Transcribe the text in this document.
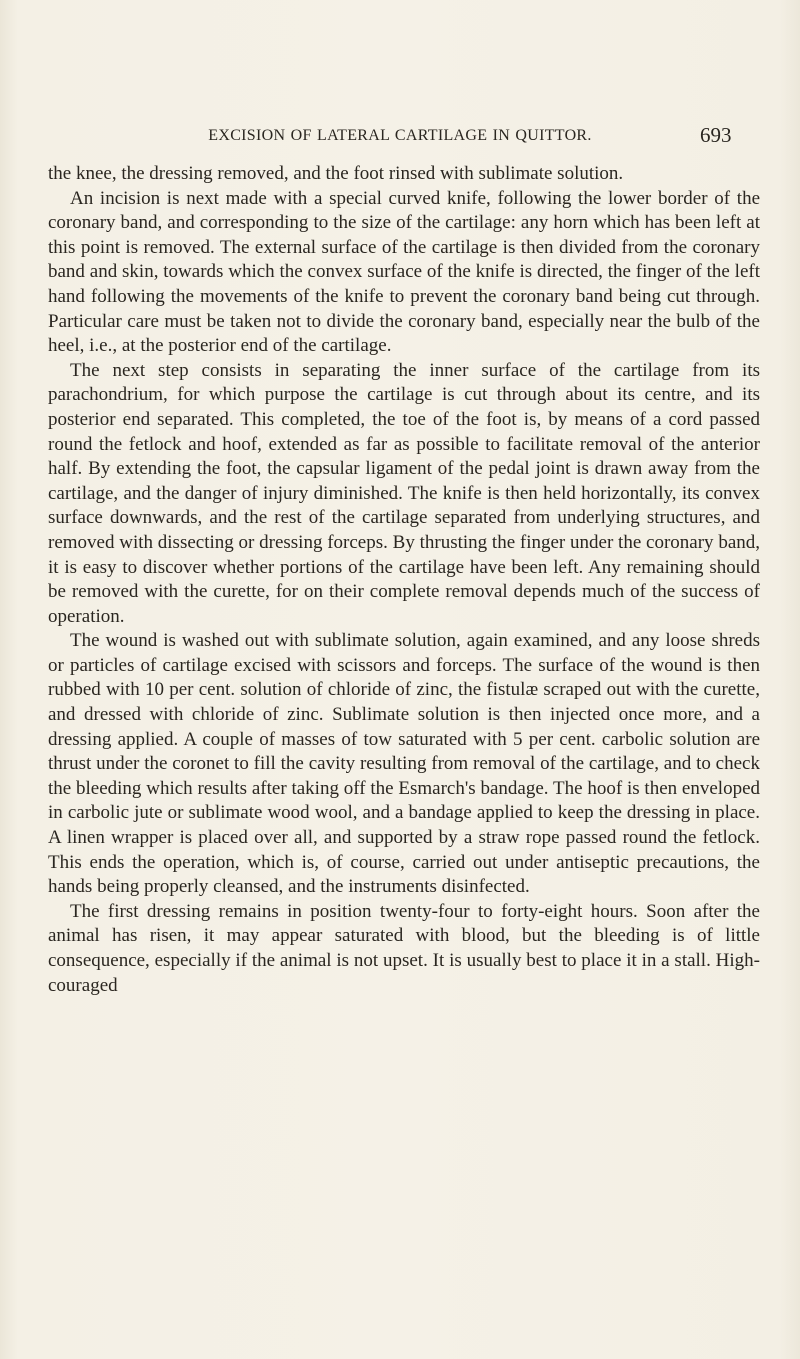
EXCISION OF LATERAL CARTILAGE IN QUITTOR.	693

the knee, the dressing removed, and the foot rinsed with sublimate solution.

An incision is next made with a special curved knife, following the lower border of the coronary band, and corresponding to the size of the cartilage: any horn which has been left at this point is removed. The external surface of the cartilage is then divided from the coronary band and skin, towards which the convex surface of the knife is directed, the finger of the left hand following the movements of the knife to prevent the coronary band being cut through. Particular care must be taken not to divide the coronary band, especially near the bulb of the heel, i.e., at the posterior end of the cartilage.

The next step consists in separating the inner surface of the cartilage from its parachondrium, for which purpose the cartilage is cut through about its centre, and its posterior end separated. This completed, the toe of the foot is, by means of a cord passed round the fetlock and hoof, extended as far as possible to facilitate removal of the anterior half. By extending the foot, the capsular ligament of the pedal joint is drawn away from the cartilage, and the danger of injury diminished. The knife is then held horizontally, its convex surface downwards, and the rest of the cartilage separated from underlying structures, and removed with dissecting or dressing forceps. By thrusting the finger under the coronary band, it is easy to discover whether portions of the cartilage have been left. Any remaining should be removed with the curette, for on their complete removal depends much of the success of operation.

The wound is washed out with sublimate solution, again examined, and any loose shreds or particles of cartilage excised with scissors and forceps. The surface of the wound is then rubbed with 10 per cent. solution of chloride of zinc, the fistulæ scraped out with the curette, and dressed with chloride of zinc. Sublimate solution is then injected once more, and a dressing applied. A couple of masses of tow saturated with 5 per cent. carbolic solution are thrust under the coronet to fill the cavity resulting from removal of the cartilage, and to check the bleeding which results after taking off the Esmarch's bandage. The hoof is then enveloped in carbolic jute or sublimate wood wool, and a bandage applied to keep the dressing in place. A linen wrapper is placed over all, and supported by a straw rope passed round the fetlock. This ends the operation, which is, of course, carried out under antiseptic precautions, the hands being properly cleansed, and the instruments disinfected.

The first dressing remains in position twenty-four to forty-eight hours. Soon after the animal has risen, it may appear saturated with blood, but the bleeding is of little consequence, especially if the animal is not upset. It is usually best to place it in a stall. High-couraged
